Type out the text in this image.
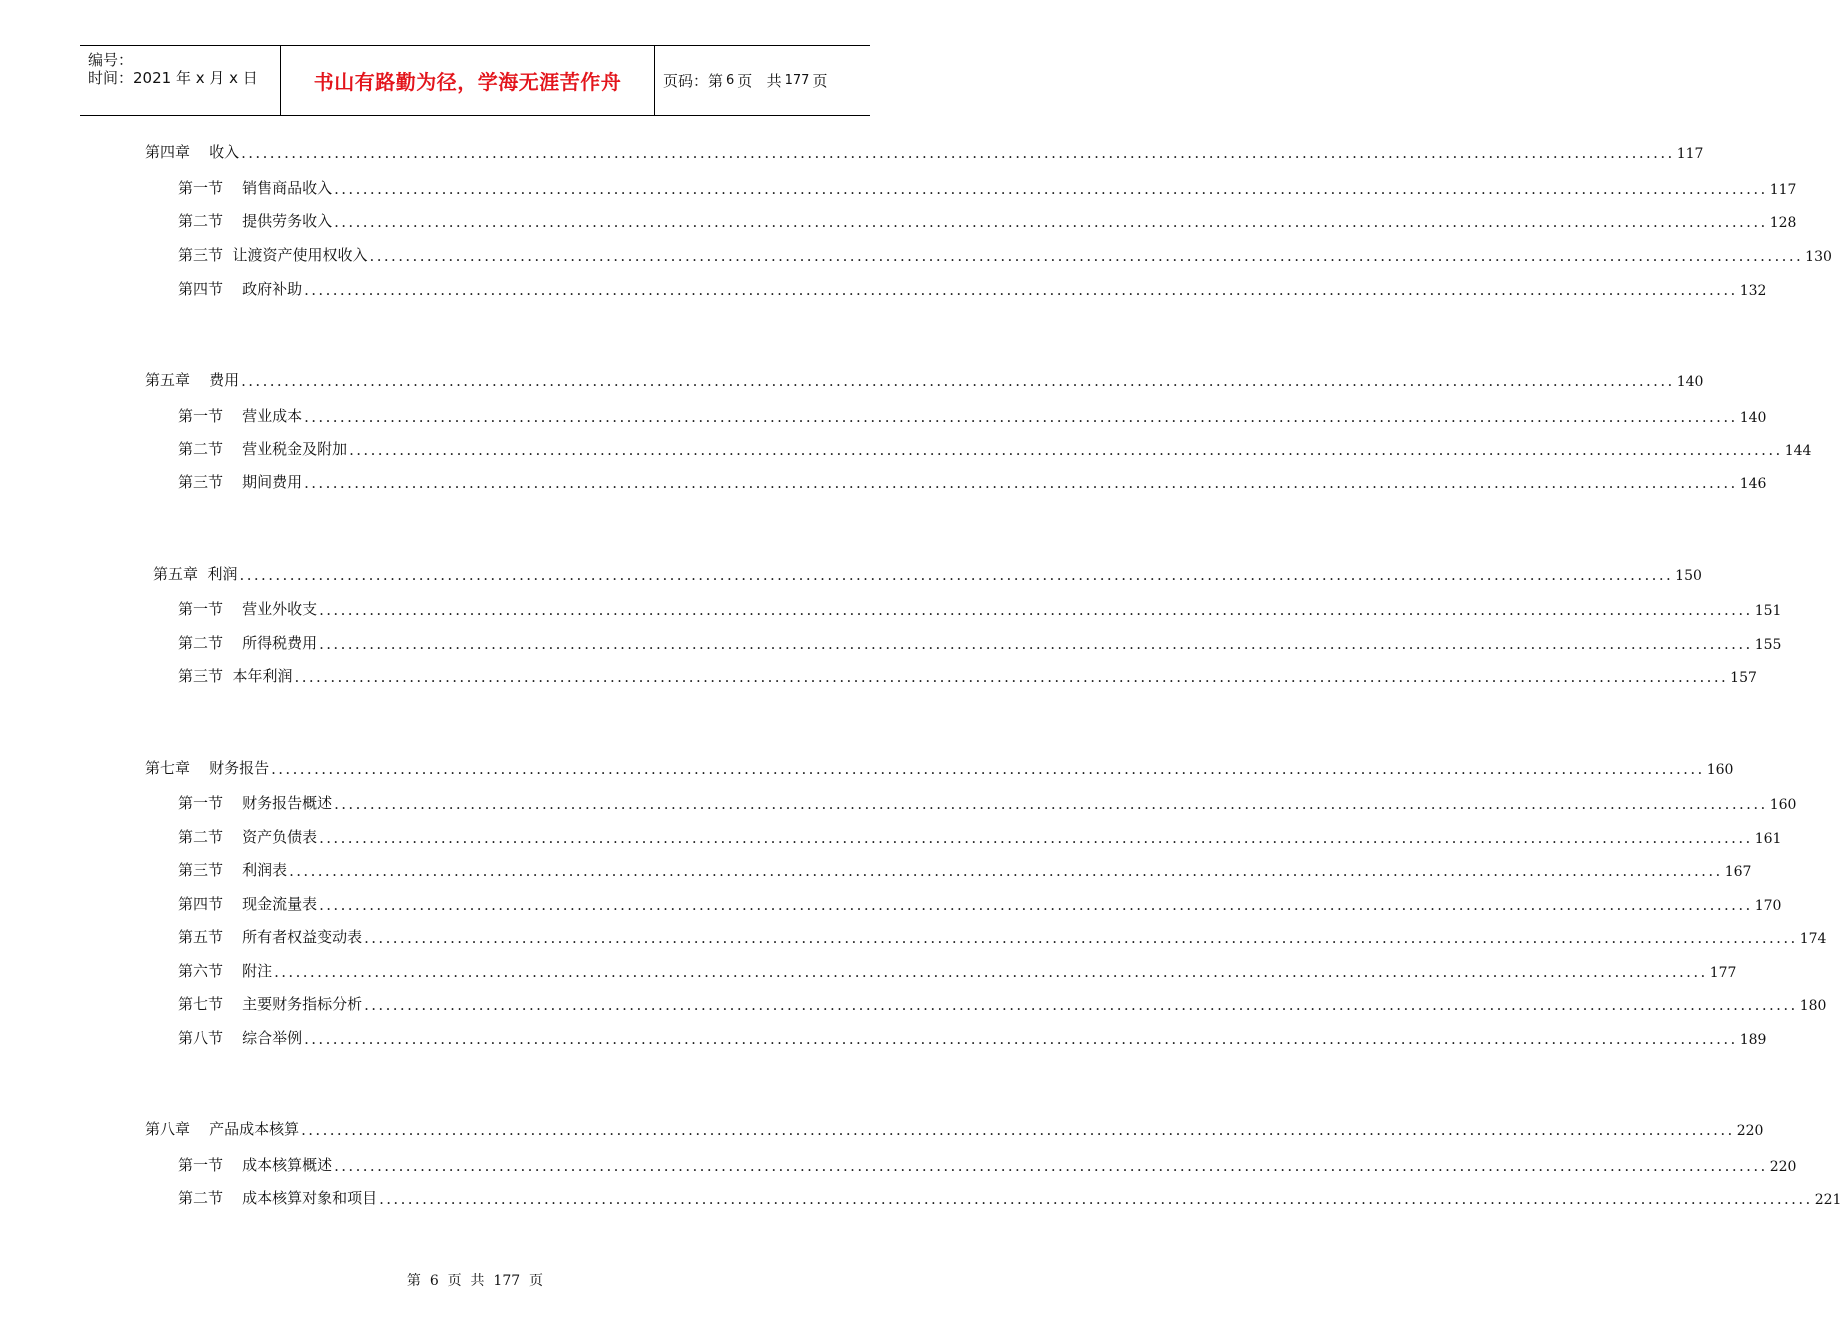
编号：
时间：2021 年 x 月 x 日	书山有路勤为径，学海无涯苦作舟	页码：第 6 页   共 177 页
第四章    收入 ........................................................................................................................................................................................................ 117
第一节    销售商品收入 ........................................................................................................................................................................................................ 117
第二节    提供劳务收入 ........................................................................................................................................................................................................ 128
第三节  让渡资产使用权收入 ........................................................................................................................................................................................................ 130
第四节    政府补助 ........................................................................................................................................................................................................ 132
第五章    费用 ........................................................................................................................................................................................................ 140
第一节    营业成本 ........................................................................................................................................................................................................ 140
第二节    营业税金及附加 ........................................................................................................................................................................................................ 144
第三节    期间费用 ........................................................................................................................................................................................................ 146
第五章  利润 ........................................................................................................................................................................................................ 150
第一节    营业外收支 ........................................................................................................................................................................................................ 151
第二节    所得税费用 ........................................................................................................................................................................................................ 155
第三节  本年利润 ........................................................................................................................................................................................................ 157
第七章    财务报告 ........................................................................................................................................................................................................ 160
第一节    财务报告概述 ........................................................................................................................................................................................................ 160
第二节    资产负债表 ........................................................................................................................................................................................................ 161
第三节    利润表 ........................................................................................................................................................................................................ 167
第四节    现金流量表 ........................................................................................................................................................................................................ 170
第五节    所有者权益变动表 ........................................................................................................................................................................................................ 174
第六节    附注 ........................................................................................................................................................................................................ 177
第七节    主要财务指标分析 ........................................................................................................................................................................................................ 180
第八节    综合举例 ........................................................................................................................................................................................................ 189
第八章    产品成本核算 ........................................................................................................................................................................................................ 220
第一节    成本核算概述 ........................................................................................................................................................................................................ 220
第二节    成本核算对象和项目 ........................................................................................................................................................................................................ 221
第  6  页  共  177  页
